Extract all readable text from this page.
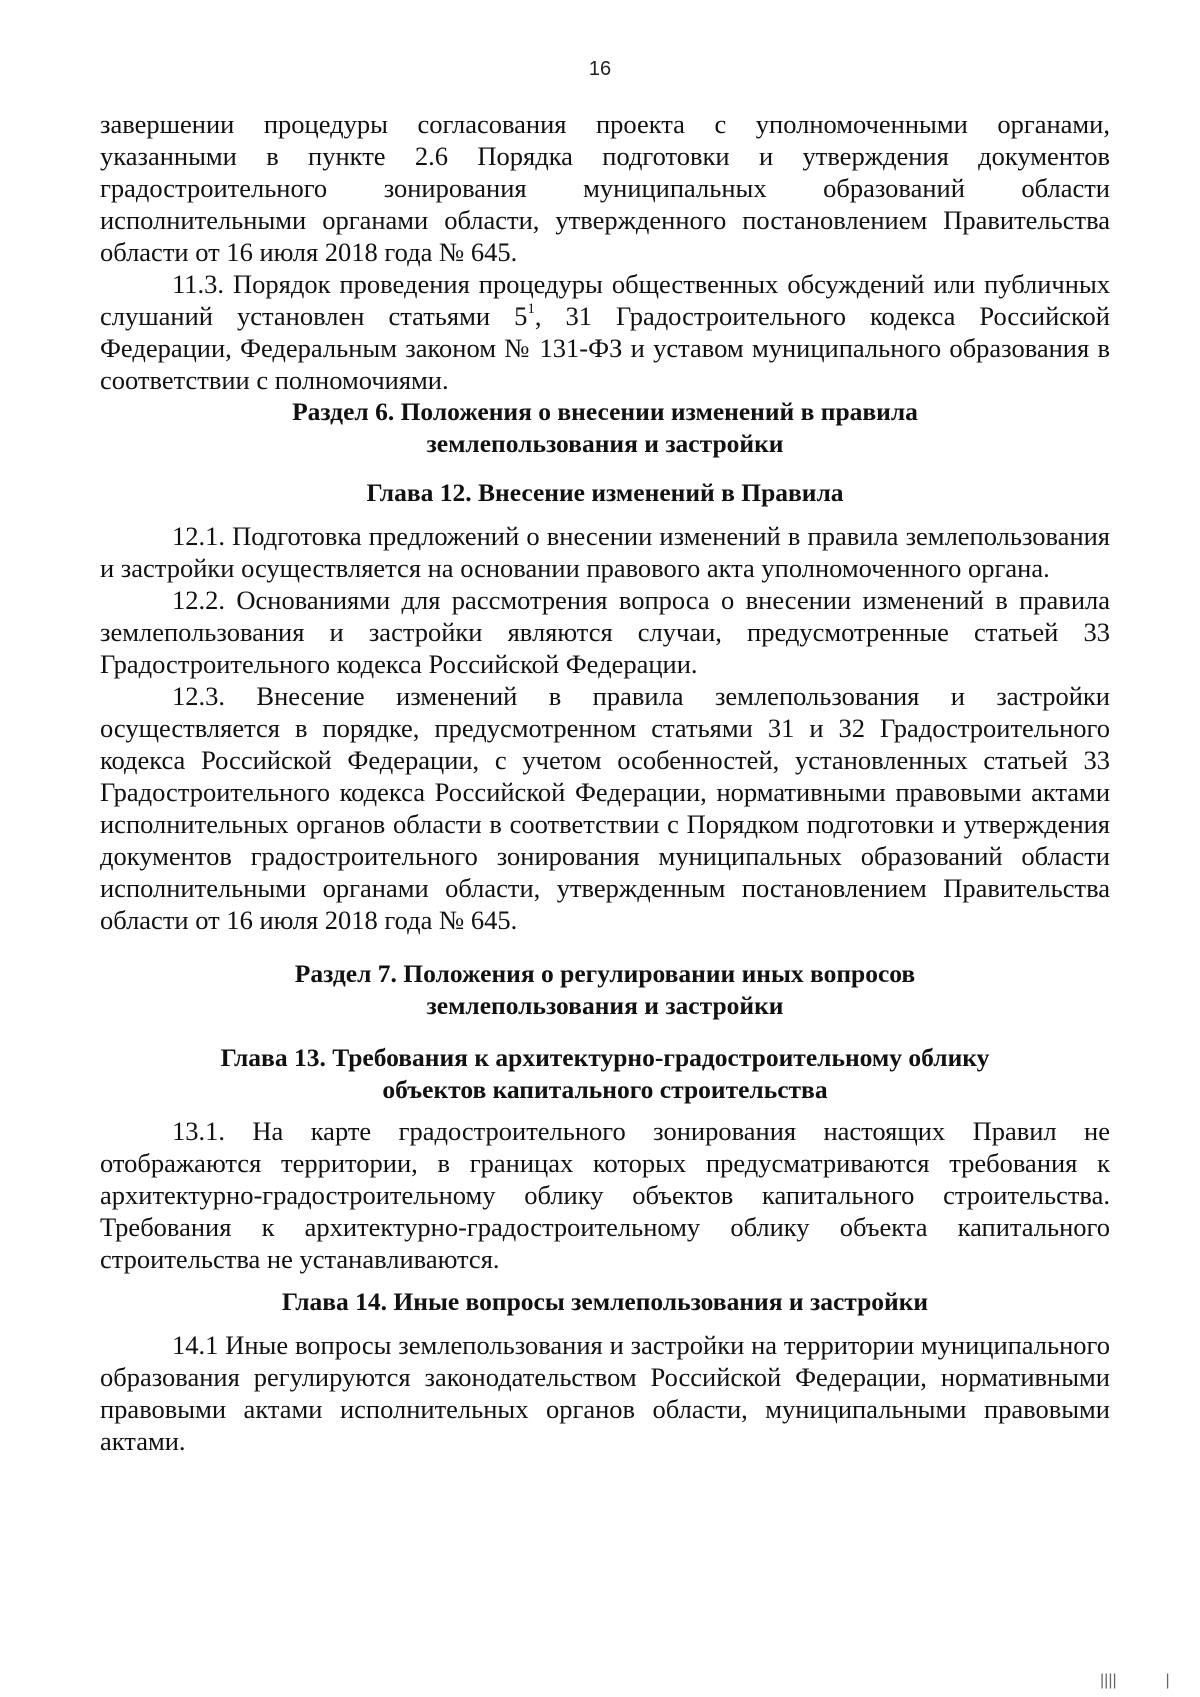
16

завершении процедуры согласования проекта с уполномоченными органами, указанными в пункте 2.6 Порядка подготовки и утверждения документов градостроительного зонирования муниципальных образований области исполнительными органами области, утвержденного постановлением Правительства области от 16 июля 2018 года № 645.

11.3. Порядок проведения процедуры общественных обсуждений или публичных слушаний установлен статьями $5^1$, 31 Градостроительного кодекса Российской Федерации, Федеральным законом № 131-ФЗ и уставом муниципального образования в соответствии с полномочиями.

Раздел 6. Положения о внесении изменений в правила

землепользования и застройки

Глава 12. Внесение изменений в Правила

12.1. Подготовка предложений о внесении изменений в правила землепользования и застройки осуществляется на основании правового акта уполномоченного органа.

12.2. Основаниями для рассмотрения вопроса о внесении изменений в правила землепользования и застройки являются случаи, предусмотренные статьей 33 Градостроительного кодекса Российской Федерации.

12.3. Внесение изменений в правила землепользования и застройки осуществляется в порядке, предусмотренном статьями 31 и 32 Градостроительного кодекса Российской Федерации, с учетом особенностей, установленных статьей 33 Градостроительного кодекса Российской Федерации, нормативными правовыми актами исполнительных органов области в соответствии с Порядком подготовки и утверждения документов градостроительного зонирования муниципальных образований области исполнительными органами области, утвержденным постановлением Правительства области от 16 июля 2018 года № 645.

Раздел 7. Положения о регулировании иных вопросов

землепользования и застройки

Глава 13. Требования к архитектурно-градостроительному облику

объектов капитального строительства

13.1. На карте градостроительного зонирования настоящих Правил не отображаются территории, в границах которых предусматриваются требования к архитектурно-градостроительному облику объектов капитального строительства. Требования к архитектурно-градостроительному облику объекта капитального строительства не устанавливаются.

Глава 14. Иные вопросы землепользования и застройки

14.1 Иные вопросы землепользования и застройки на территории муниципального образования регулируются законодательством Российской Федерации, нормативными правовыми актами исполнительных органов области, муниципальными правовыми актами.

||||           |
